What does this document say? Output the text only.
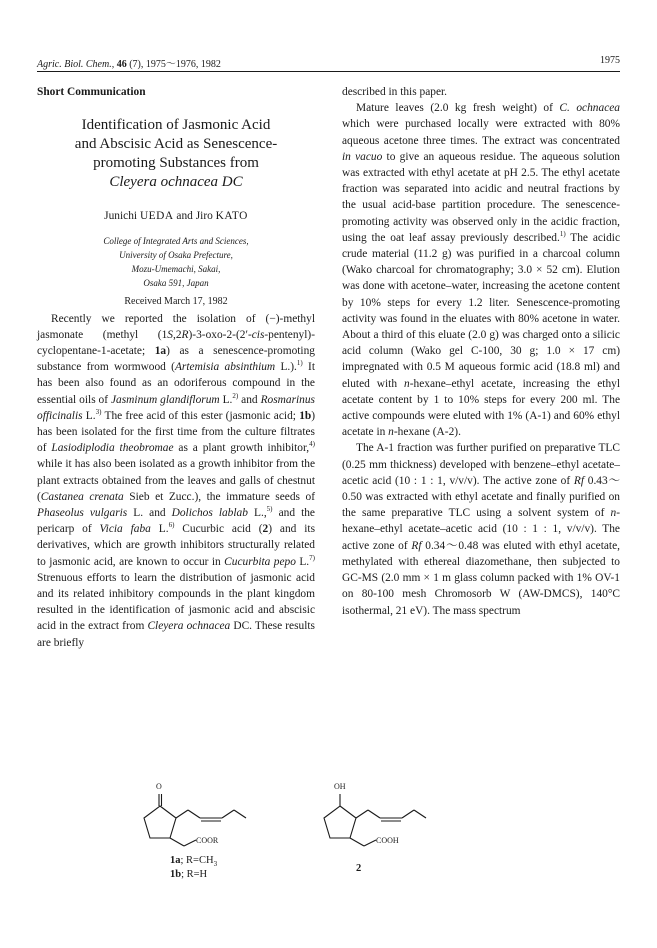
Agric. Biol. Chem., 46 (7), 1975～1976, 1982	1975
Short Communication
Identification of Jasmonic Acid
and Abscisic Acid as Senescence-
promoting Substances from
Cleyera ochnacea DC
Junichi UEDA and Jiro KATO
College of Integrated Arts and Sciences,
University of Osaka Prefecture,
Mozu-Umemachi, Sakai,
Osaka 591, Japan
Received March 17, 1982

Recently we reported the isolation of (−)-methyl jasmonate (methyl (1S,2R)-3-oxo-2-(2′-cis-pentenyl)-cyclopentane-1-acetate; 1a) as a senescence-promoting substance from wormwood (Artemisia absinthium L.).$^{1)}$ It has been also found as an odoriferous compound in the essential oils of Jasminum glandiflorum L.$^{2)}$ and Rosmarinus officinalis L.$^{3)}$ The free acid of this ester (jasmonic acid; 1b) has been isolated for the first time from the culture filtrates of Lasiodiplodia theobromae as a plant growth inhibitor,$^{4)}$ while it has also been isolated as a growth inhibitor from the plant extracts obtained from the leaves and galls of chestnut (Castanea crenata Sieb et Zucc.), the immature seeds of Phaseolus vulgaris L. and Dolichos lablab L.,$^{5)}$ and the pericarp of Vicia faba L.$^{6)}$ Cucurbic acid (2) and its derivatives, which are growth inhibitors structurally related to jasmonic acid, are known to occur in Cucurbita pepo L.$^{7)}$ Strenuous efforts to learn the distribution of jasmonic acid and its related inhibitory compounds in the plant kingdom resulted in the identification of jasmonic acid and abscisic acid in the extract from Cleyera ochnacea DC. These results are briefly

described in this paper.

Mature leaves (2.0 kg fresh weight) of C. ochnacea which were purchased locally were extracted with 80% aqueous acetone three times. The extract was concentrated in vacuo to give an aqueous residue. The aqueous solution was extracted with ethyl acetate at pH 2.5. The ethyl acetate fraction was separated into acidic and neutral fractions by the usual acid-base partition procedure. The senescence-promoting activity was observed only in the acidic fraction, using the oat leaf assay previously described.$^{1)}$ The acidic crude material (11.2 g) was purified in a charcoal column (Wako charcoal for chromatography; 3.0 × 52 cm). Elution was done with acetone–water, increasing the acetone content by 10% steps for every 1.2 liter. Senescence-promoting activity was found in the eluates with 80% acetone in water. About a third of this eluate (2.0 g) was charged onto a silicic acid column (Wako gel C-100, 30 g; 1.0 × 17 cm) impregnated with 0.5 M aqueous formic acid (18.8 ml) and eluted with n-hexane–ethyl acetate, increasing the ethyl acetate content by 1 to 10% steps for every 200 ml. The active compounds were eluted with 1% (A-1) and 60% ethyl acetate in n-hexane (A-2).

The A-1 fraction was further purified on preparative TLC (0.25 mm thickness) developed with benzene–ethyl acetate–acetic acid (10 : 1 : 1, v/v/v). The active zone of Rf 0.43～0.50 was extracted with ethyl acetate and finally purified on the same preparative TLC using a solvent system of n-hexane–ethyl acetate–acetic acid (10 : 1 : 1, v/v/v). The active zone of Rf 0.34～0.48 was eluted with ethyl acetate, methylated with ethereal diazomethane, then subjected to GC-MS (2.0 mm × 1 m glass column packed with 1% OV-1 on 80-100 mesh Chromosorb W (AW-DMCS), 140°C isothermal, 21 eV). The mass spectrum

O
COOR
1a; $R=CH_3$
1b; R=H
OH
COOH
2
